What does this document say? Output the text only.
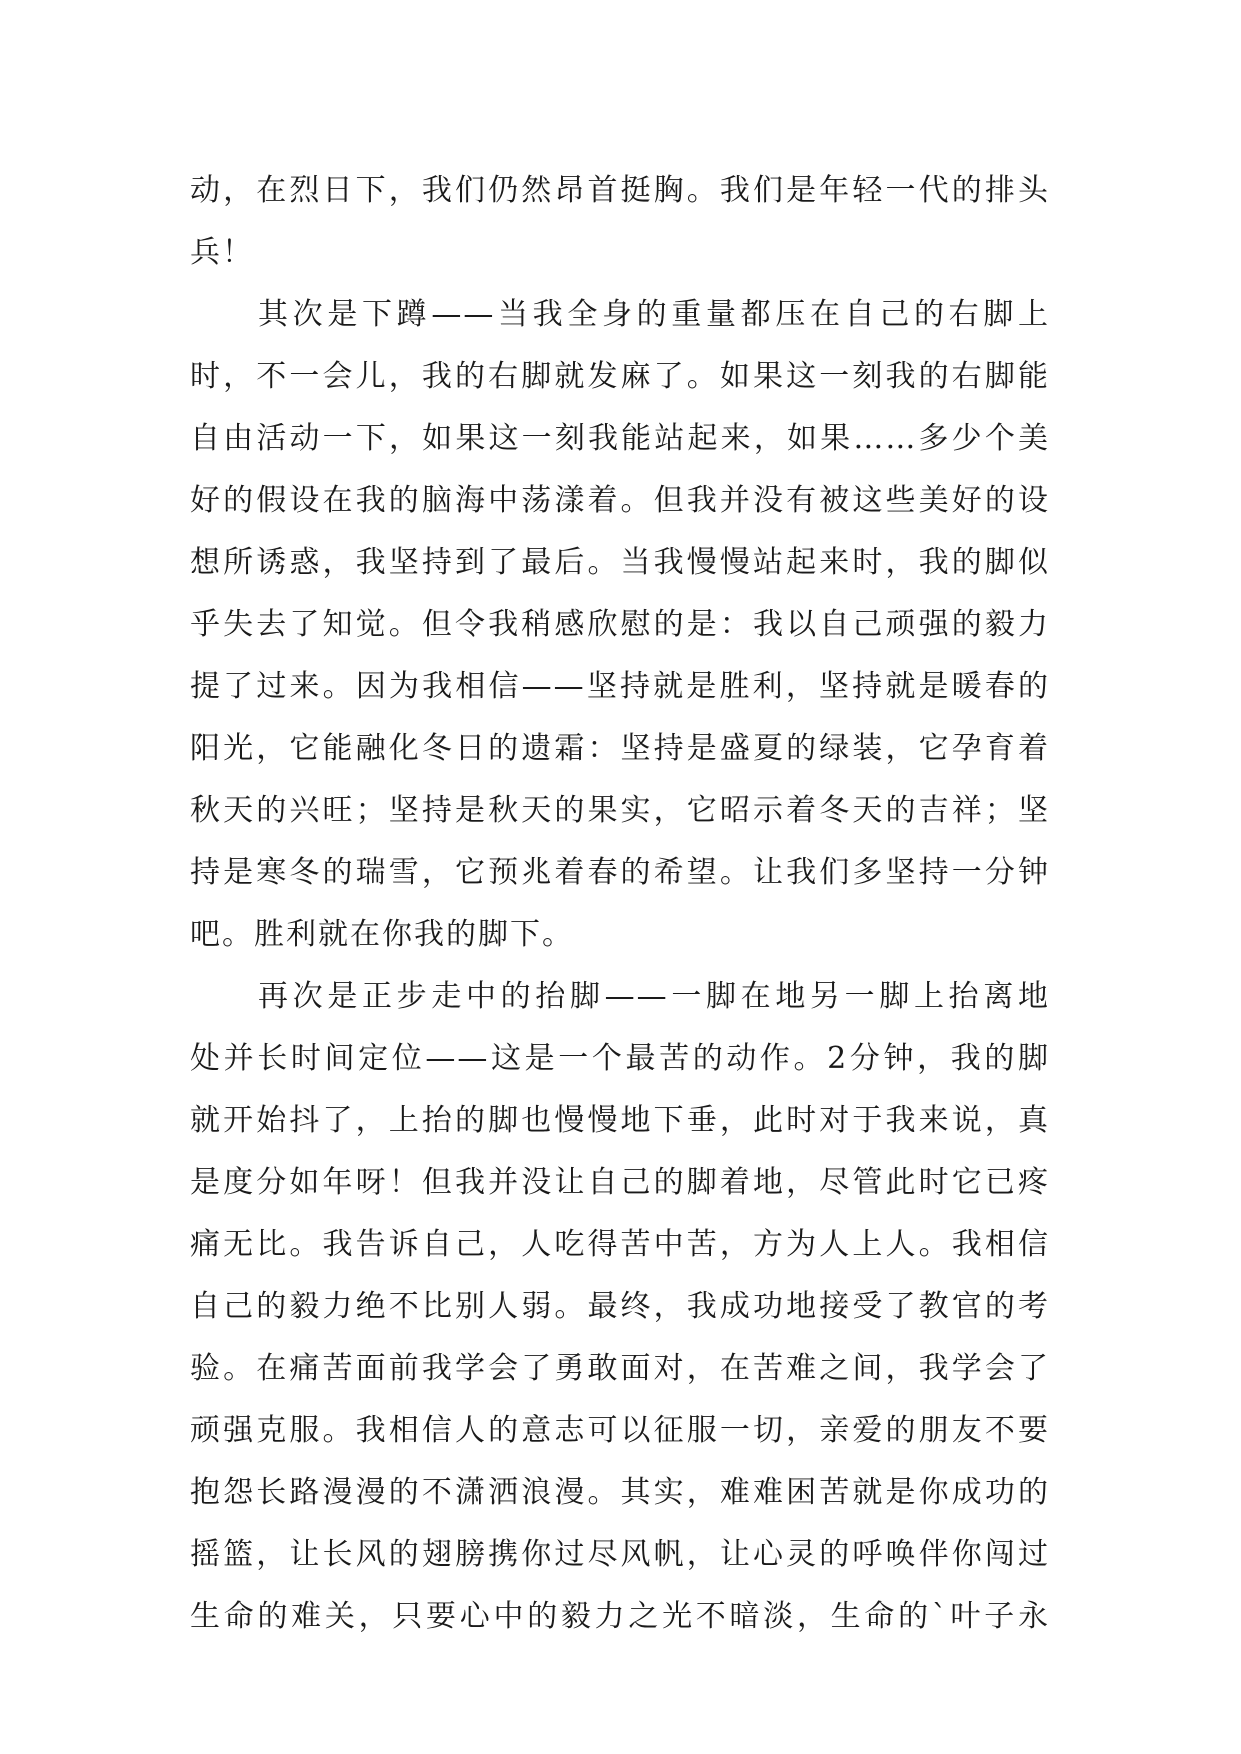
动，在烈日下，我们仍然昂首挺胸。我们是年轻一代的排头
兵！
其次是下蹲——当我全身的重量都压在自己的右脚上
时，不一会儿，我的右脚就发麻了。如果这一刻我的右脚能
自由活动一下，如果这一刻我能站起来，如果……多少个美
好的假设在我的脑海中荡漾着。但我并没有被这些美好的设
想所诱惑，我坚持到了最后。当我慢慢站起来时，我的脚似
乎失去了知觉。但令我稍感欣慰的是：我以自己顽强的毅力
提了过来。因为我相信——坚持就是胜利，坚持就是暖春的
阳光，它能融化冬日的遗霜：坚持是盛夏的绿装，它孕育着
秋天的兴旺；坚持是秋天的果实，它昭示着冬天的吉祥；坚
持是寒冬的瑞雪，它预兆着春的希望。让我们多坚持一分钟
吧。胜利就在你我的脚下。
再次是正步走中的抬脚——一脚在地另一脚上抬离地
处并长时间定位——这是一个最苦的动作。2分钟，我的脚
就开始抖了，上抬的脚也慢慢地下垂，此时对于我来说，真
是度分如年呀！但我并没让自己的脚着地，尽管此时它已疼
痛无比。我告诉自己，人吃得苦中苦，方为人上人。我相信
自己的毅力绝不比别人弱。最终，我成功地接受了教官的考
验。在痛苦面前我学会了勇敢面对，在苦难之间，我学会了
顽强克服。我相信人的意志可以征服一切，亲爱的朋友不要
抱怨长路漫漫的不潇洒浪漫。其实，难难困苦就是你成功的
摇篮，让长风的翅膀携你过尽风帆，让心灵的呼唤伴你闯过
生命的难关，只要心中的毅力之光不暗淡，生命的`叶子永
